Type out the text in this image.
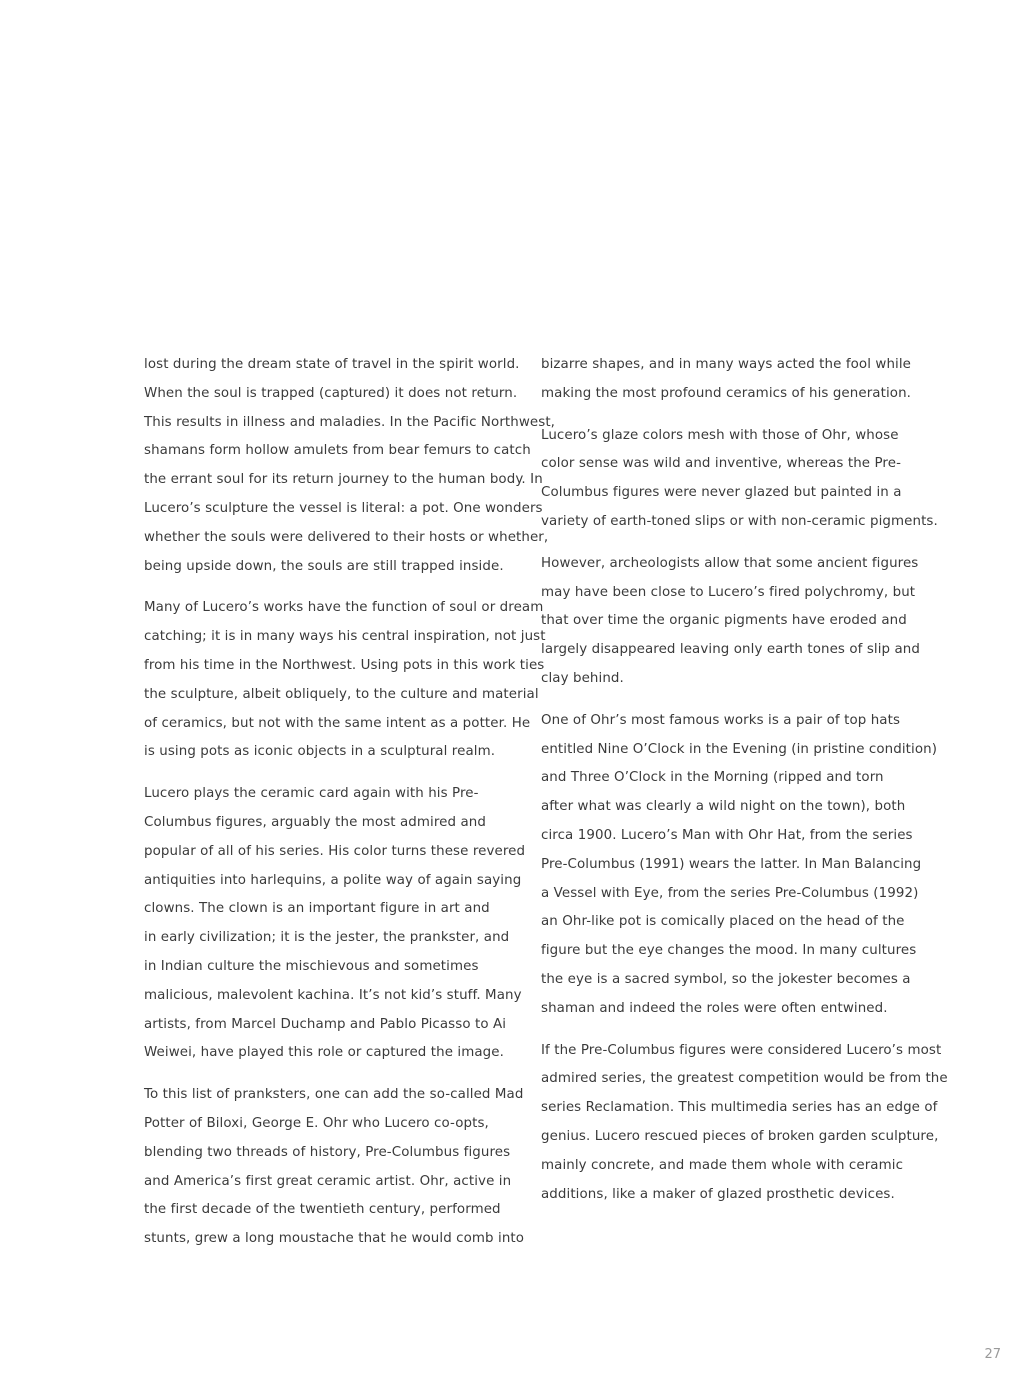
lost during the dream state of travel in the spirit world.
When the soul is trapped (captured) it does not return.
This results in illness and maladies. In the Pacific Northwest,
shamans form hollow amulets from bear femurs to catch
the errant soul for its return journey to the human body. In
Lucero’s sculpture the vessel is literal: a pot. One wonders
whether the souls were delivered to their hosts or whether,
being upside down, the souls are still trapped inside.

Many of Lucero’s works have the function of soul or dream
catching; it is in many ways his central inspiration, not just
from his time in the Northwest. Using pots in this work ties
the sculpture, albeit obliquely, to the culture and material
of ceramics, but not with the same intent as a potter. He
is using pots as iconic objects in a sculptural realm.

Lucero plays the ceramic card again with his Pre-
Columbus figures, arguably the most admired and
popular of all of his series. His color turns these revered
antiquities into harlequins, a polite way of again saying
clowns. The clown is an important figure in art and
in early civilization; it is the jester, the prankster, and
in Indian culture the mischievous and sometimes
malicious, malevolent kachina. It’s not kid’s stuff. Many
artists, from Marcel Duchamp and Pablo Picasso to Ai
Weiwei, have played this role or captured the image.

To this list of pranksters, one can add the so-called Mad
Potter of Biloxi, George E. Ohr who Lucero co-opts,
blending two threads of history, Pre-Columbus figures
and America’s first great ceramic artist. Ohr, active in
the first decade of the twentieth century, performed
stunts, grew a long moustache that he would comb into

bizarre shapes, and in many ways acted the fool while
making the most profound ceramics of his generation.

Lucero’s glaze colors mesh with those of Ohr, whose
color sense was wild and inventive, whereas the Pre-
Columbus figures were never glazed but painted in a
variety of earth-toned slips or with non-ceramic pigments.

However, archeologists allow that some ancient figures
may have been close to Lucero’s fired polychromy, but
that over time the organic pigments have eroded and
largely disappeared leaving only earth tones of slip and
clay behind.

One of Ohr’s most famous works is a pair of top hats
entitled Nine O’Clock in the Evening (in pristine condition)
and Three O’Clock in the Morning (ripped and torn
after what was clearly a wild night on the town), both
circa 1900. Lucero’s Man with Ohr Hat, from the series
Pre-Columbus (1991) wears the latter. In Man Balancing
a Vessel with Eye, from the series Pre-Columbus (1992)
an Ohr-like pot is comically placed on the head of the
figure but the eye changes the mood. In many cultures
the eye is a sacred symbol, so the jokester becomes a
shaman and indeed the roles were often entwined.

If the Pre-Columbus figures were considered Lucero’s most
admired series, the greatest competition would be from the
series Reclamation. This multimedia series has an edge of
genius. Lucero rescued pieces of broken garden sculpture,
mainly concrete, and made them whole with ceramic
additions, like a maker of glazed prosthetic devices.

27
